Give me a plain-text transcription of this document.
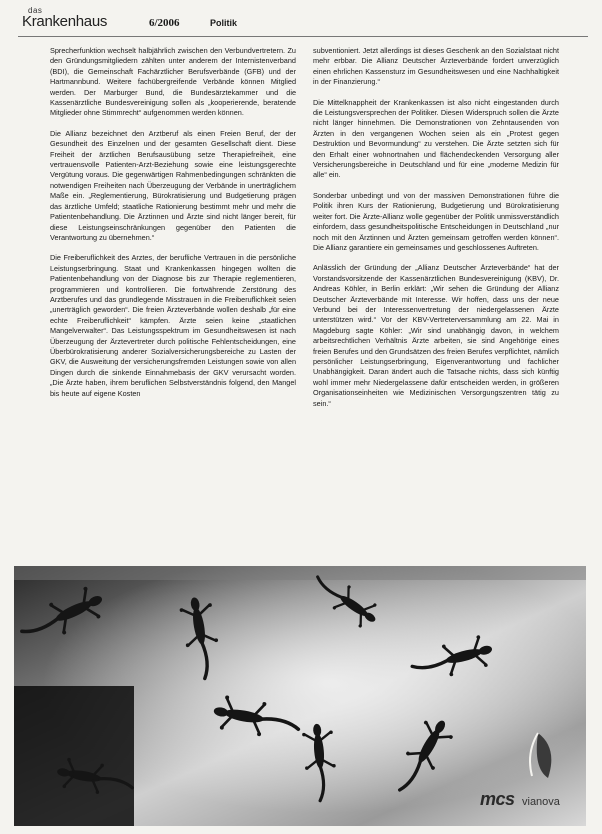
das
Krankenhaus	6/2006	Politik

Sprecherfunktion wechselt halbjährlich zwischen den Verbundvertretern. Zu den Gründungsmitgliedern zählten unter anderem der Internistenverband (BDI), die Gemeinschaft Fachärztlicher Berufsverbände (GFB) und der Hartmannbund. Weitere fachübergreifende Verbände können Mitglied werden. Der Marburger Bund, die Bundesärztekammer und die Kassenärztliche Bundesvereinigung sollen als „kooperierende, beratende Mitglieder ohne Stimmrecht“ aufgenommen werden können.

Die Allianz bezeichnet den Arztberuf als einen Freien Beruf, der der Gesundheit des Einzelnen und der gesamten Gesellschaft dient. Diese Freiheit der ärztlichen Berufsausübung setze Therapiefreiheit, eine vertrauensvolle Patienten-Arzt-Beziehung sowie eine leistungsgerechte Vergütung voraus. Die gegenwärtigen Rahmenbedingungen schränkten die notwendigen Freiheiten nach Überzeugung der Verbände in unerträglichem Maße ein. „Reglementierung, Bürokratisierung und Budgetierung prägen das ärztliche Umfeld; staatliche Rationierung bestimmt mehr und mehr die Patientenbehandlung. Die Ärztinnen und Ärzte sind nicht länger bereit, für diese Leistungseinschränkungen gegenüber den Patienten die Verantwortung zu übernehmen.“

Die Freiberuflichkeit des Arztes, der berufliche Vertrauen in die persönliche Leistungserbringung. Staat und Krankenkassen hingegen wollten die Patientenbehandlung von der Diagnose bis zur Therapie reglementieren, programmieren und kontrollieren. Die fortwährende Zerstörung des Arztberufes und das grundlegende Misstrauen in die Freiberuflichkeit seien „unerträglich geworden“. Die freien Ärzteverbände wollen deshalb „für eine echte Freiberuflichkeit“ kämpfen. Ärzte seien keine „staatlichen Mangelverwalter“. Das Leistungsspektrum im Gesundheitswesen ist nach Überzeugung der Ärztevertreter durch politische Fehlentscheidungen, eine Überbürokratisierung anderer Sozialversicherungsbereiche zu Lasten der GKV, die Ausweitung der versicherungsfremden Leistungen sowie von allen Dingen durch die sinkende Einnahmebasis der GKV verursacht worden. „Die Ärzte haben, ihrem beruflichen Selbstverständnis folgend, den Mangel bis heute auf eigene Kosten

subventioniert. Jetzt allerdings ist dieses Geschenk an den Sozialstaat nicht mehr erbbar. Die Allianz Deutscher Ärzteverbände fordert unverzüglich einen ehrlichen Kassensturz im Gesundheitswesen und eine Nachhaltigkeit in der Finanzierung.“

Die Mittelknappheit der Krankenkassen ist also nicht eingestanden durch die Leistungsversprechen der Politiker. Diesen Widerspruch sollen die Ärzte nicht länger hinnehmen. Die Demonstrationen von Zehntausenden von Ärzten in den vergangenen Wochen seien als ein „Protest gegen Destruktion und Bevormundung“ zu verstehen. Die Ärzte setzten sich für den Erhalt einer wohnortnahen und flächendeckenden Versorgung aller Versicherungsbereiche in Deutschland und für eine „moderne Medizin für alle“ ein.

Sonderbar unbedingt und von der massiven Demonstrationen führe die Politik ihren Kurs der Rationierung, Budgetierung und Bürokratisierung weiter fort. Die Ärzte-Allianz wolle gegenüber der Politik unmissverständlich einfordern, dass gesundheitspolitische Entscheidungen in Deutschland „nur noch mit den Ärztinnen und Ärzten gemeinsam getroffen werden können“. Die Allianz garantiere ein gemeinsames und geschlossenes Auftreten.

Anlässlich der Gründung der „Allianz Deutscher Ärzteverbände“ hat der Vorstandsvorsitzende der Kassenärztlichen Bundesvereinigung (KBV), Dr. Andreas Köhler, in Berlin erklärt: „Wir sehen die Gründung der Allianz Deutscher Ärzteverbände mit Interesse. Wir hoffen, dass uns der neue Verbund bei der Interessenvertretung der niedergelassenen Ärzte unterstützen wird.“ Vor der KBV-Vertreterversammlung am 22. Mai in Magdeburg sagte Köhler: „Wir sind unabhängig davon, in welchem arbeitsrechtlichen Verhältnis Ärzte arbeiten, sie sind Angehörige eines freien Berufes und den Grundsätzen des freien Berufes verpflichtet, nämlich persönlicher Leistungserbringung, Eigenverantwortung und fachlicher Unabhängigkeit. Daran ändert auch die Tatsache nichts, dass sich künftig wohl immer mehr Niedergelassene dafür entscheiden werden, in größeren Organisationseinheiten wie Medizinischen Versorgungszentren tätig zu sein.“

mcs vianova
